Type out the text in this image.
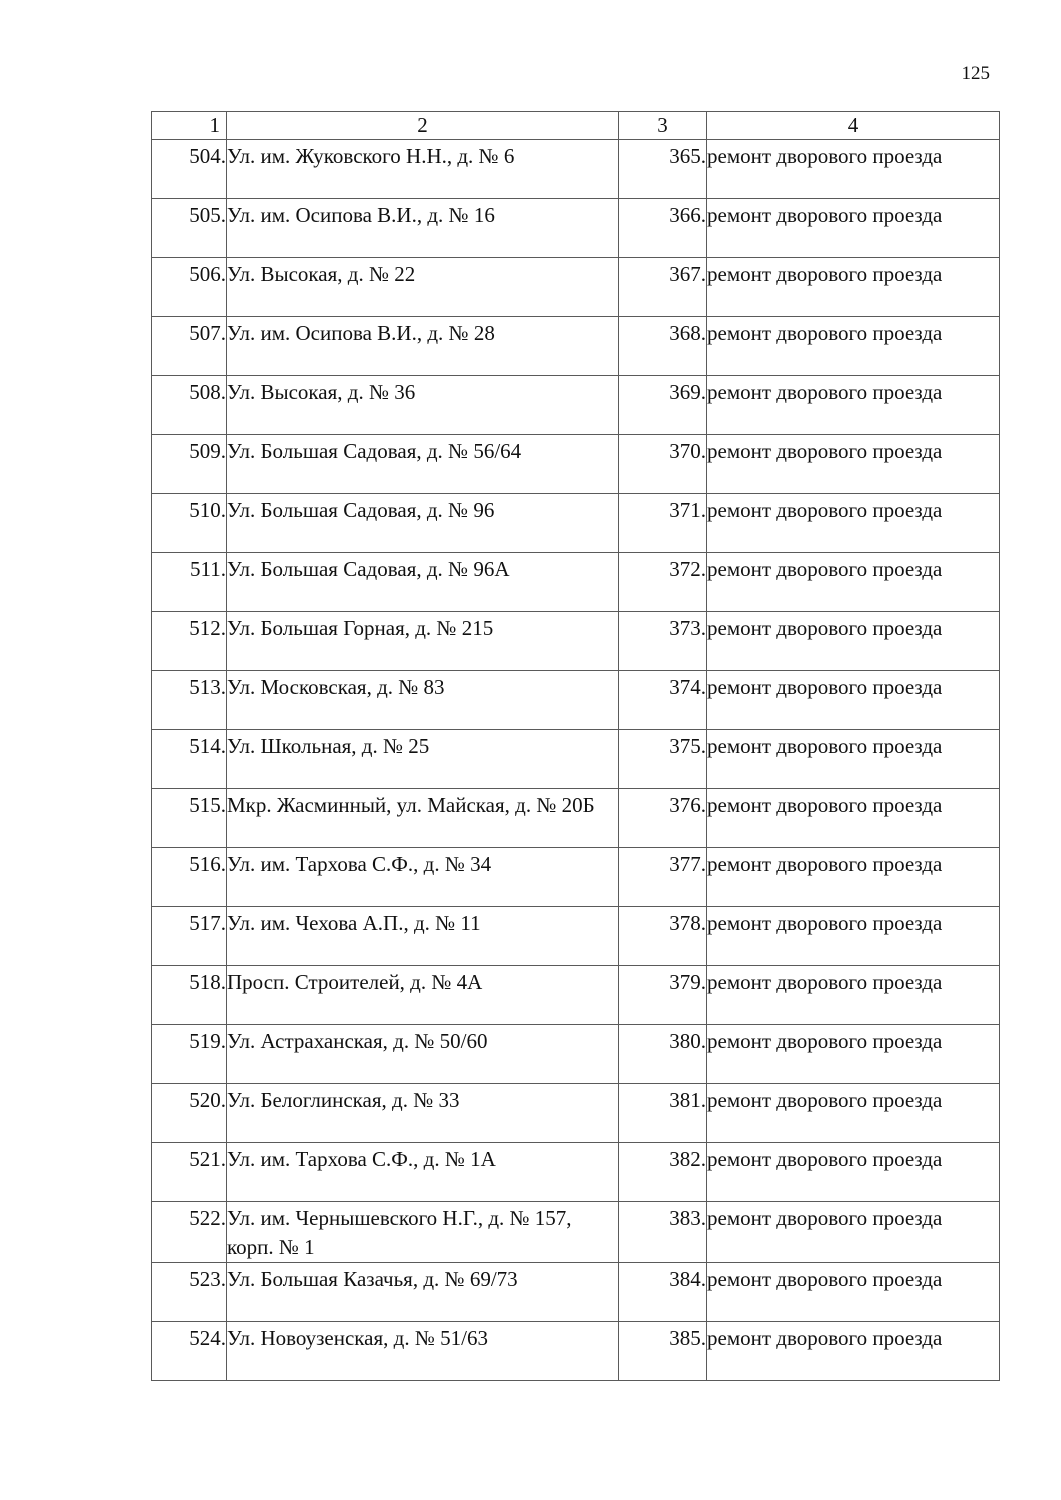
125
1	2	3	4
504.	Ул. им. Жуковского Н.Н., д. № 6	365.	ремонт дворового проезда
505.	Ул. им. Осипова В.И., д. № 16	366.	ремонт дворового проезда
506.	Ул. Высокая, д. № 22	367.	ремонт дворового проезда
507.	Ул. им. Осипова В.И., д. № 28	368.	ремонт дворового проезда
508.	Ул. Высокая, д. № 36	369.	ремонт дворового проезда
509.	Ул. Большая Садовая, д. № 56/64	370.	ремонт дворового проезда
510.	Ул. Большая Садовая, д. № 96	371.	ремонт дворового проезда
511.	Ул. Большая Садовая, д. № 96А	372.	ремонт дворового проезда
512.	Ул. Большая Горная, д. № 215	373.	ремонт дворового проезда
513.	Ул. Московская, д. № 83	374.	ремонт дворового проезда
514.	Ул. Школьная, д. № 25	375.	ремонт дворового проезда
515.	Мкр. Жасминный, ул. Майская, д. № 20Б	376.	ремонт дворового проезда
516.	Ул. им. Тархова С.Ф., д. № 34	377.	ремонт дворового проезда
517.	Ул. им. Чехова А.П., д. № 11	378.	ремонт дворового проезда
518.	Просп. Строителей, д. № 4А	379.	ремонт дворового проезда
519.	Ул. Астраханская, д. № 50/60	380.	ремонт дворового проезда
520.	Ул. Белоглинская, д. № 33	381.	ремонт дворового проезда
521.	Ул. им. Тархова С.Ф., д. № 1А	382.	ремонт дворового проезда
522.	Ул. им. Чернышевского Н.Г., д. № 157, корп. № 1	383.	ремонт дворового проезда
523.	Ул. Большая Казачья, д. № 69/73	384.	ремонт дворового проезда
524.	Ул. Новоузенская, д. № 51/63	385.	ремонт дворового проезда
